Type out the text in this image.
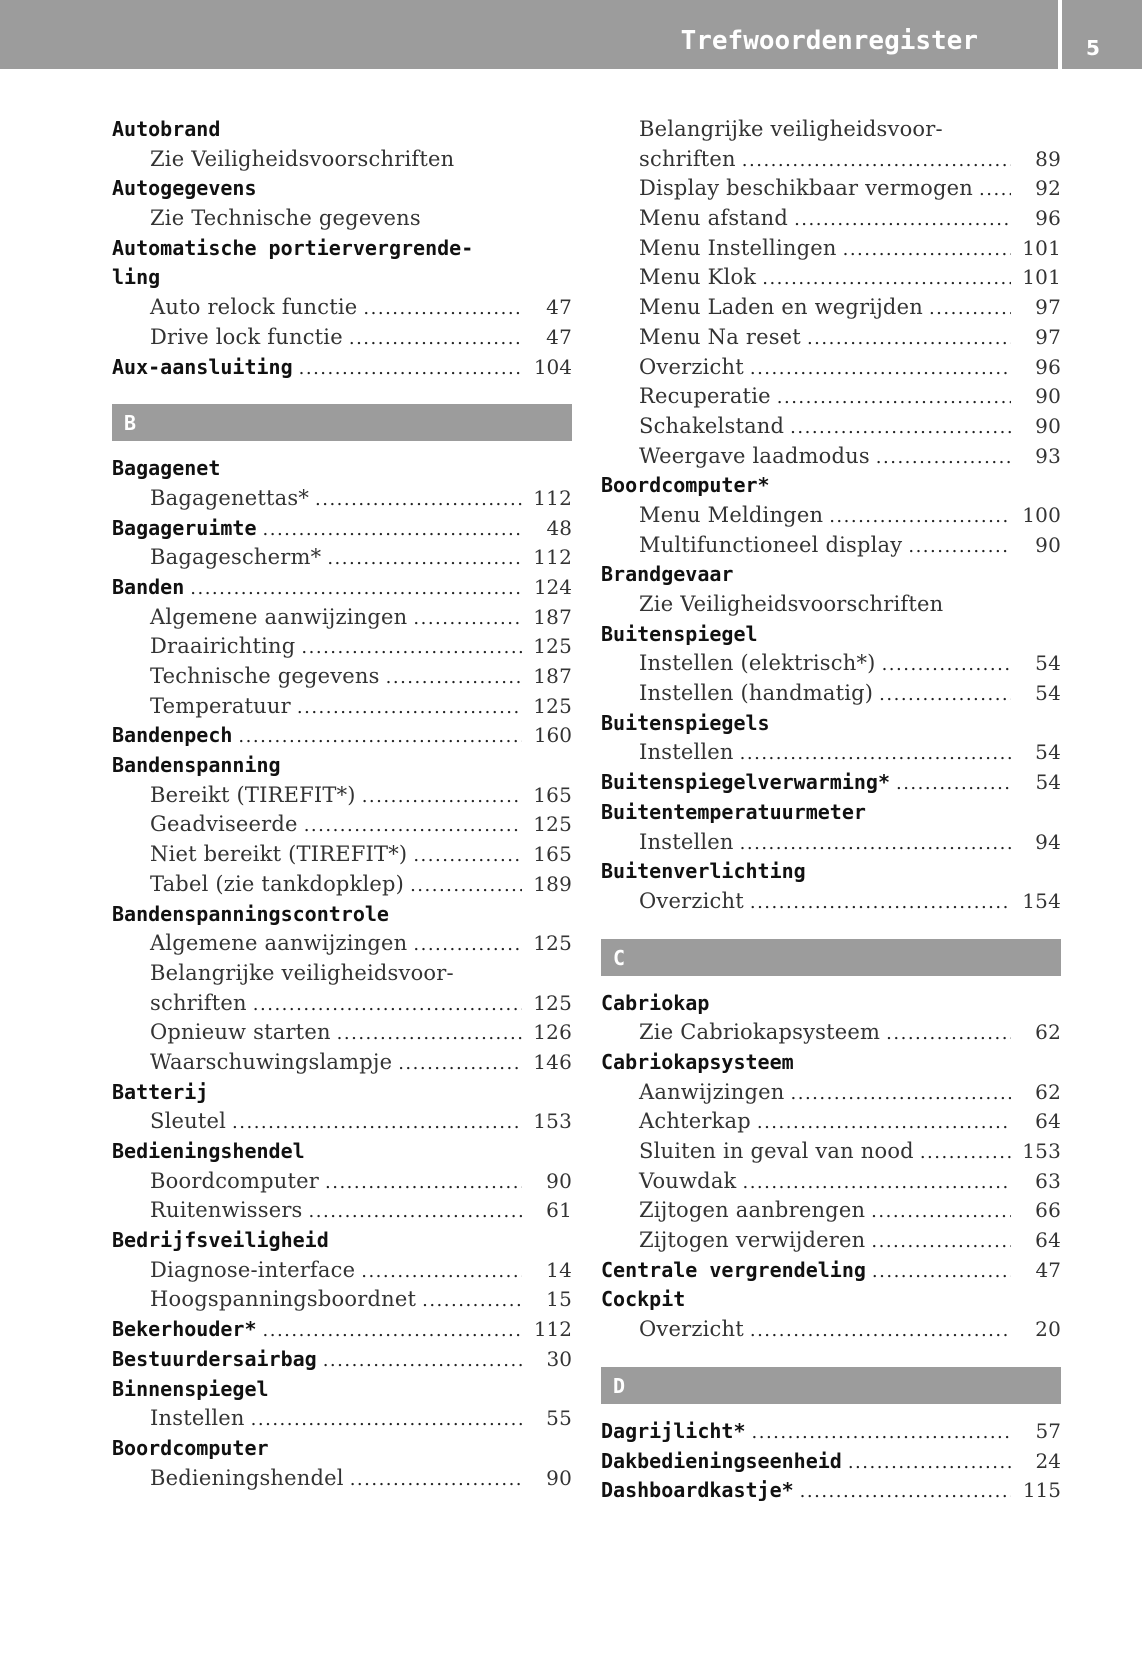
Trefwoordenregister	5
Autobrand
Zie Veiligheidsvoorschriften
Autogegevens
Zie Technische gegevens
Automatische portiervergrende-
ling
Auto relock functie .....	47
Drive lock functie .....	47
Aux-aansluiting .....	104
B
Bagagenet
Bagagenettas* .....	112
Bagageruimte .....	48
Bagagescherm* .....	112
Banden .....	124
Algemene aanwijzingen .....	187
Draairichting .....	125
Technische gegevens .....	187
Temperatuur .....	125
Bandenpech .....	160
Bandenspanning
Bereikt (TIREFIT*) .....	165
Geadviseerde .....	125
Niet bereikt (TIREFIT*) .....	165
Tabel (zie tankdopklep) .....	189
Bandenspanningscontrole
Algemene aanwijzingen .....	125
Belangrijke veiligheidsvoor-
schriften .....	125
Opnieuw starten .....	126
Waarschuwingslampje .....	146
Batterij
Sleutel .....	153
Bedieningshendel
Boordcomputer .....	90
Ruitenwissers .....	61
Bedrijfsveiligheid
Diagnose-interface .....	14
Hoogspanningsboordnet .....	15
Bekerhouder* .....	112
Bestuurdersairbag .....	30
Binnenspiegel
Instellen .....	55
Boordcomputer
Bedieningshendel .....	90
Belangrijke veiligheidsvoor-
schriften .....	89
Display beschikbaar vermogen .....	92
Menu afstand .....	96
Menu Instellingen .....	101
Menu Klok .....	101
Menu Laden en wegrijden .....	97
Menu Na reset .....	97
Overzicht .....	96
Recuperatie .....	90
Schakelstand .....	90
Weergave laadmodus .....	93
Boordcomputer*
Menu Meldingen .....	100
Multifunctioneel display .....	90
Brandgevaar
Zie Veiligheidsvoorschriften
Buitenspiegel
Instellen (elektrisch*) .....	54
Instellen (handmatig) .....	54
Buitenspiegels
Instellen .....	54
Buitenspiegelverwarming* .....	54
Buitentemperatuurmeter
Instellen .....	94
Buitenverlichting
Overzicht .....	154
C
Cabriokap
Zie Cabriokapsysteem .....	62
Cabriokapsysteem
Aanwijzingen .....	62
Achterkap .....	64
Sluiten in geval van nood .....	153
Vouwdak .....	63
Zijtogen aanbrengen .....	66
Zijtogen verwijderen .....	64
Centrale vergrendeling .....	47
Cockpit
Overzicht .....	20
D
Dagrijlicht* .....	57
Dakbedieningseenheid .....	24
Dashboardkastje* .....	115
